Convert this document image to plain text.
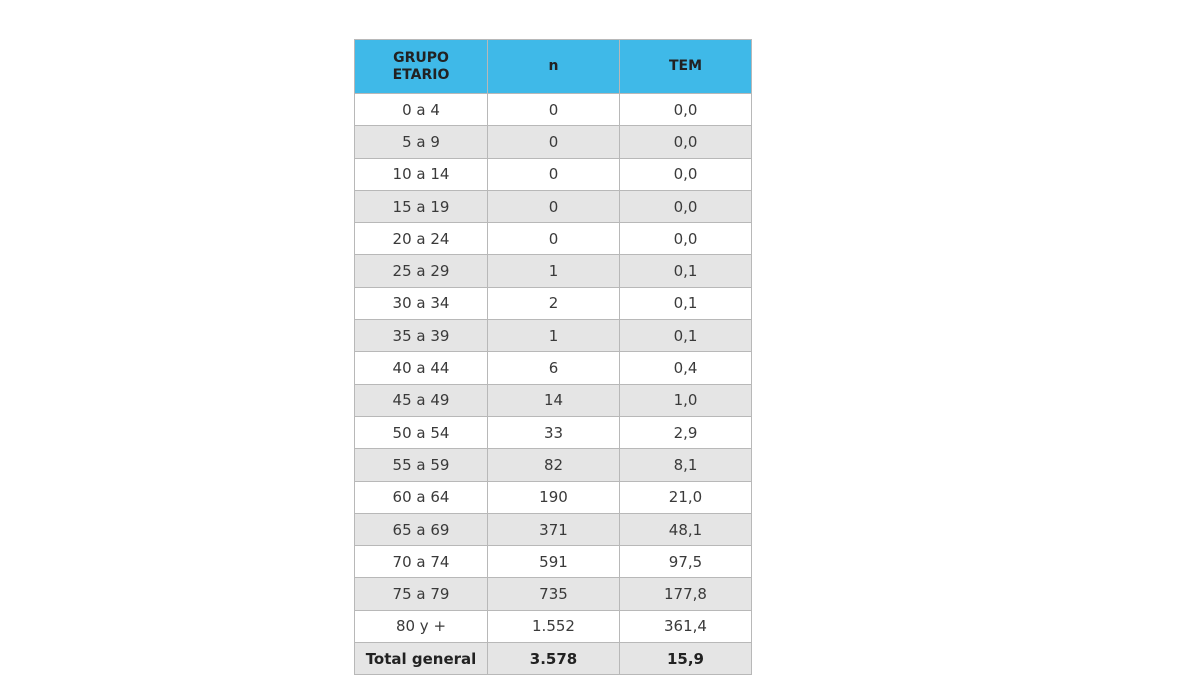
GRUPO
ETARIO	n	TEM
0 a 4	0	0,0
5 a 9	0	0,0
10 a 14	0	0,0
15 a 19	0	0,0
20 a 24	0	0,0
25 a 29	1	0,1
30 a 34	2	0,1
35 a 39	1	0,1
40 a 44	6	0,4
45 a 49	14	1,0
50 a 54	33	2,9
55 a 59	82	8,1
60 a 64	190	21,0
65 a 69	371	48,1
70 a 74	591	97,5
75 a 79	735	177,8
80 y +	1.552	361,4
Total general	3.578	15,9
